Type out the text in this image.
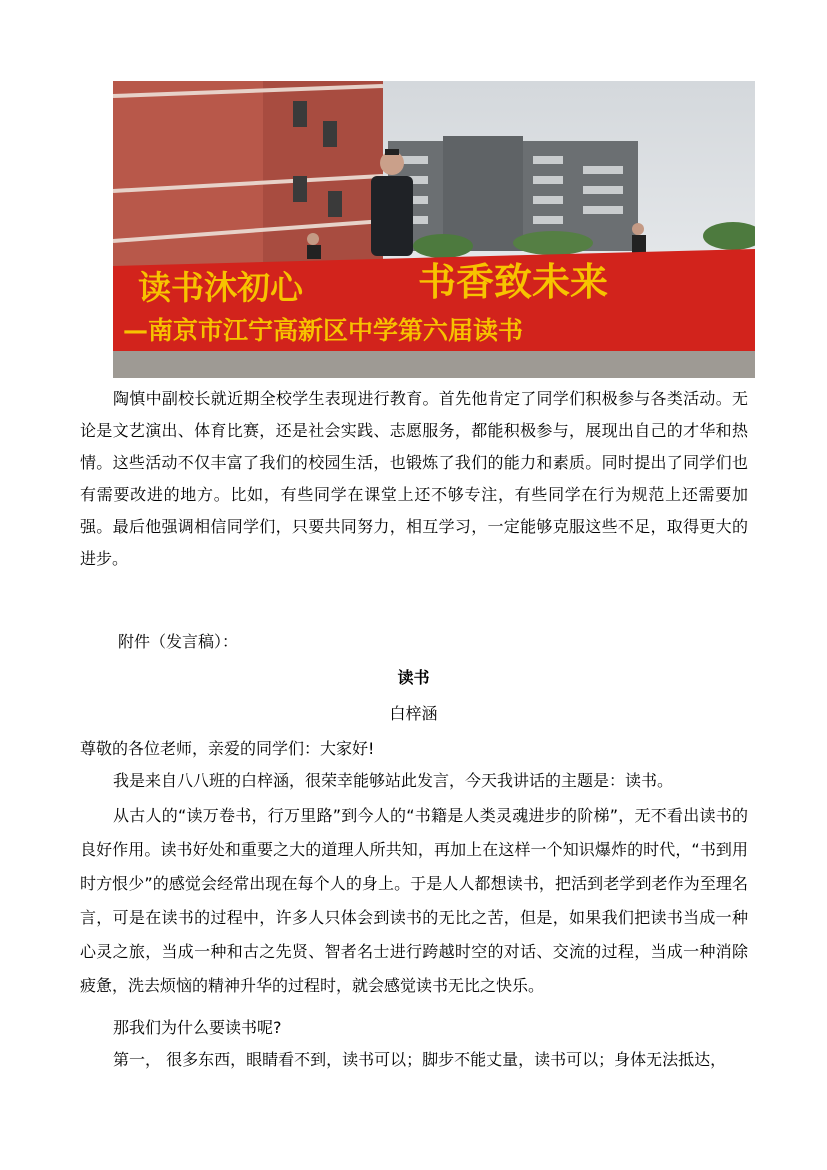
读书沐初心	书香致未来
—南京市江宁高新区中学第六届读书

陶慎中副校长就近期全校学生表现进行教育。首先他肯定了同学们积极参与各类活动。无论是文艺演出、体育比赛，还是社会实践、志愿服务，都能积极参与，展现出自己的才华和热情。这些活动不仅丰富了我们的校园生活，也锻炼了我们的能力和素质。同时提出了同学们也有需要改进的地方。比如，有些同学在课堂上还不够专注，有些同学在行为规范上还需要加强。最后他强调相信同学们，只要共同努力，相互学习，一定能够克服这些不足，取得更大的进步。

附件（发言稿）：
读书
白梓涵
尊敬的各位老师，亲爱的同学们：大家好!

我是来自八八班的白梓涵，很荣幸能够站此发言，今天我讲话的主题是：读书。

从古人的“读万卷书，行万里路”到今人的“书籍是人类灵魂进步的阶梯”，无不看出读书的良好作用。读书好处和重要之大的道理人所共知，再加上在这样一个知识爆炸的时代，“书到用时方恨少”的感觉会经常出现在每个人的身上。于是人人都想读书，把活到老学到老作为至理名言，可是在读书的过程中，许多人只体会到读书的无比之苦，但是，如果我们把读书当成一种心灵之旅，当成一种和古之先贤、智者名士进行跨越时空的对话、交流的过程，当成一种消除疲惫，洗去烦恼的精神升华的过程时，就会感觉读书无比之快乐。

那我们为什么要读书呢?

第一， 很多东西，眼睛看不到，读书可以；脚步不能丈量，读书可以；身体无法抵达，
